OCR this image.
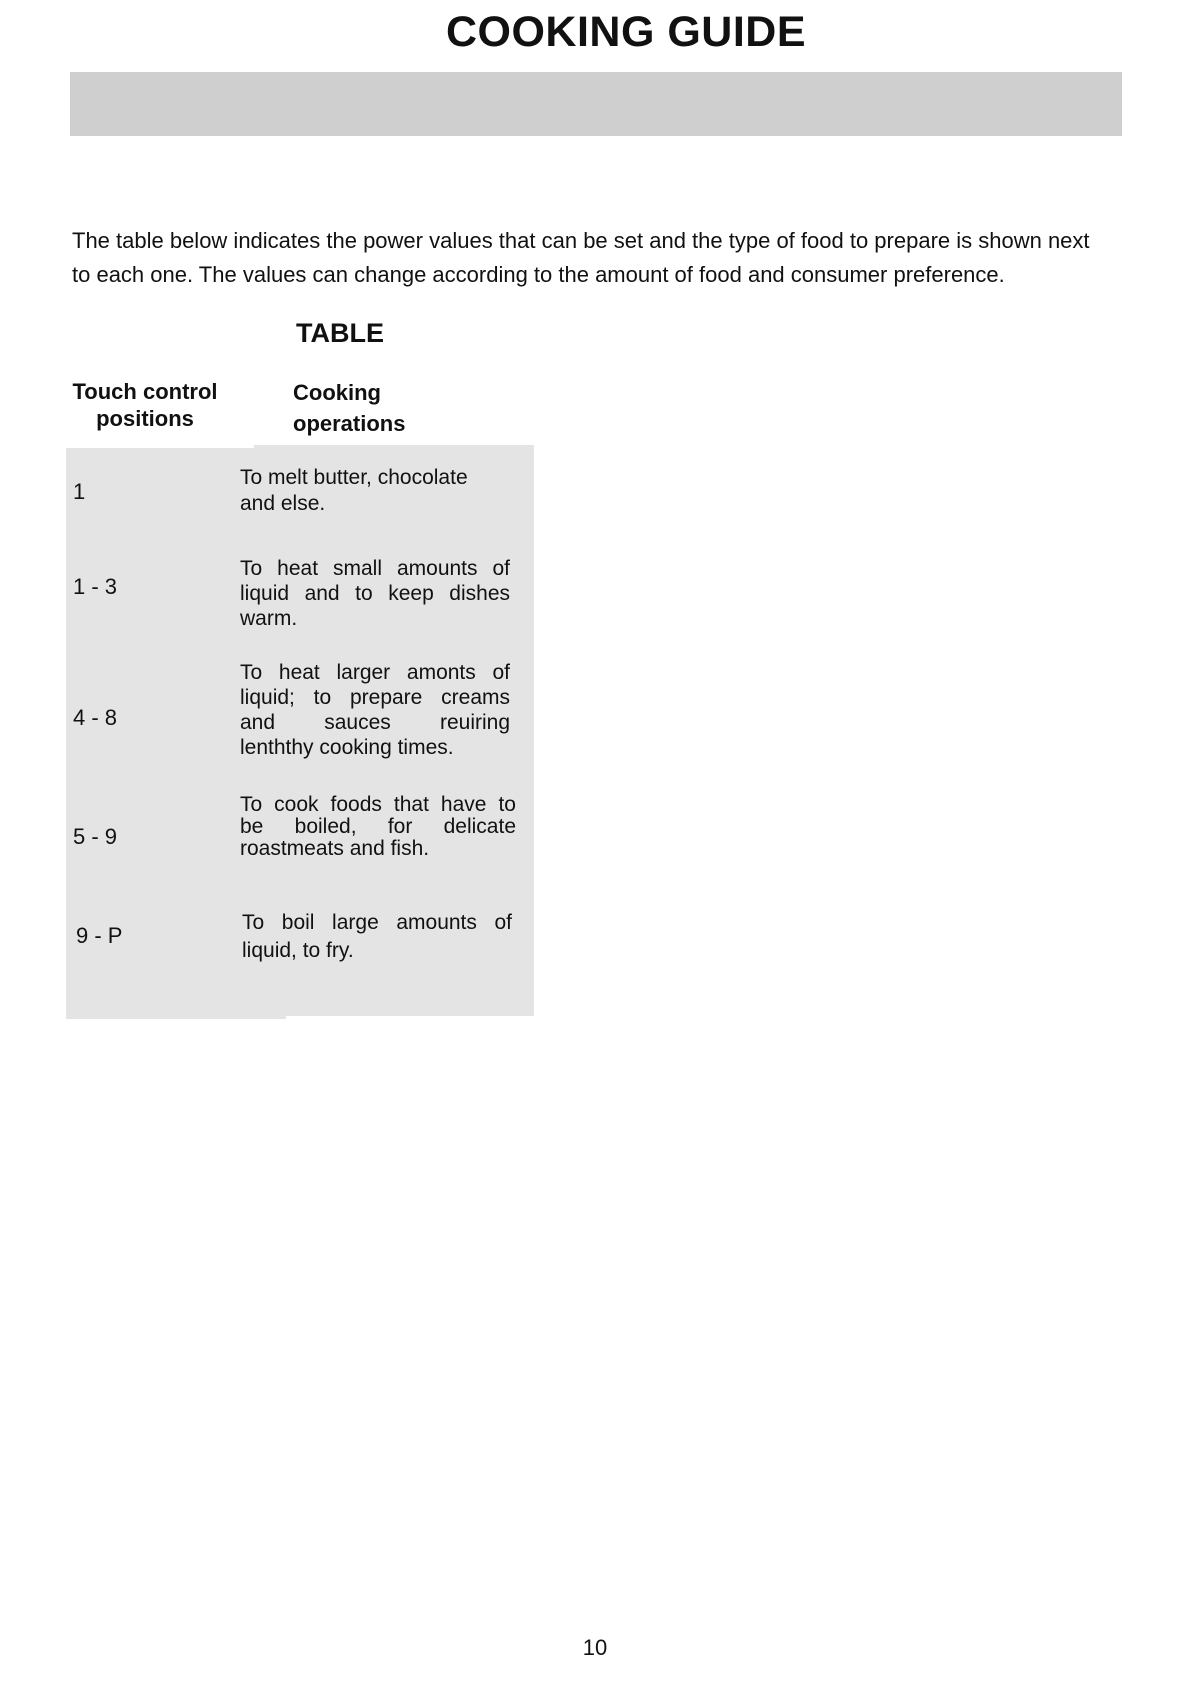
COOKING GUIDE

The table below indicates the power values that can be set and the type of food to prepare is shown next
to each one. The values can change according to the amount of food and consumer preference.

TABLE
Touch control
positions
Cooking
operations
1
To melt butter, chocolate
and else.
1 - 3
To heat small amounts of
liquid and to keep dishes
warm.
4 - 8
To heat larger amonts of
liquid; to prepare creams
and sauces reuiring
lenththy cooking times.
5 - 9
To cook foods that have to
be boiled, for delicate
roastmeats and fish.
9 - P
To boil large amounts of
liquid, to fry.
10
